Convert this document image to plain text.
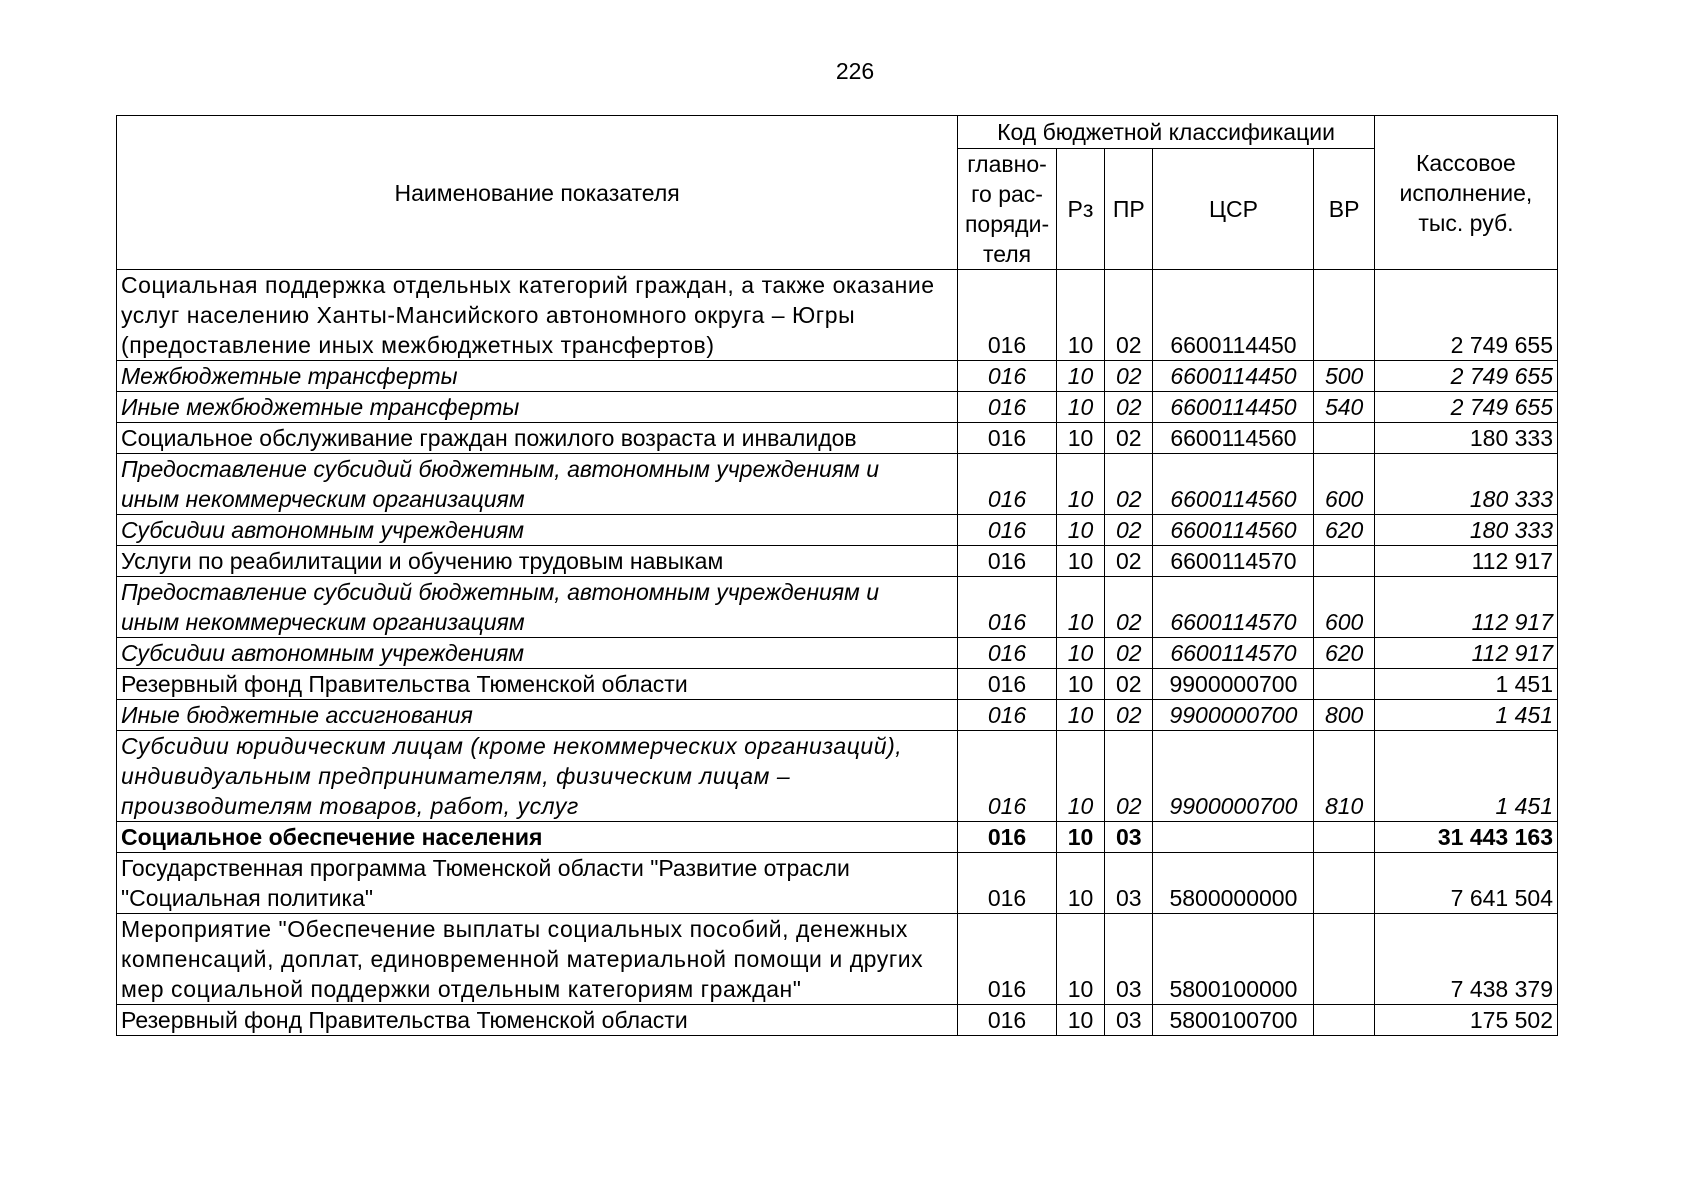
226
Наименование показателя	Код бюджетной классификации					Кассовое
исполнение,
тыс. руб.

	главно-
го рас-
поряди-
теля	Рз	ПР	ЦСР	ВР	

Социальная поддержка отдельных категорий граждан, а также оказание
услуг населению Ханты-Мансийского автономного округа – Югры
(предоставление иных межбюджетных трансфертов)	016	10	02	6600114450		2 749 655

Межбюджетные трансферты	016	10	02	6600114450	500	2 749 655

Иные межбюджетные трансферты	016	10	02	6600114450	540	2 749 655

Социальное обслуживание граждан пожилого возраста и инвалидов	016	10	02	6600114560		180 333

Предоставление субсидий бюджетным, автономным учреждениям и
иным некоммерческим организациям	016	10	02	6600114560	600	180 333

Субсидии автономным учреждениям	016	10	02	6600114560	620	180 333

Услуги по реабилитации и обучению трудовым навыкам	016	10	02	6600114570		112 917

Предоставление субсидий бюджетным, автономным учреждениям и
иным некоммерческим организациям	016	10	02	6600114570	600	112 917

Субсидии автономным учреждениям	016	10	02	6600114570	620	112 917

Резервный фонд Правительства Тюменской области	016	10	02	9900000700		1 451

Иные бюджетные ассигнования	016	10	02	9900000700	800	1 451

Субсидии юридическим лицам (кроме некоммерческих организаций),
индивидуальным предпринимателям, физическим лицам –
производителям товаров, работ, услуг	016	10	02	9900000700	810	1 451

Социальное обеспечение населения	016	10	03			31 443 163

Государственная программа Тюменской области "Развитие отрасли
"Социальная политика"	016	10	03	5800000000		7 641 504

Мероприятие "Обеспечение выплаты социальных пособий, денежных
компенсаций, доплат, единовременной материальной помощи и других
мер социальной поддержки отдельным категориям граждан"	016	10	03	5800100000		7 438 379

Резервный фонд Правительства Тюменской области	016	10	03	5800100700		175 502
